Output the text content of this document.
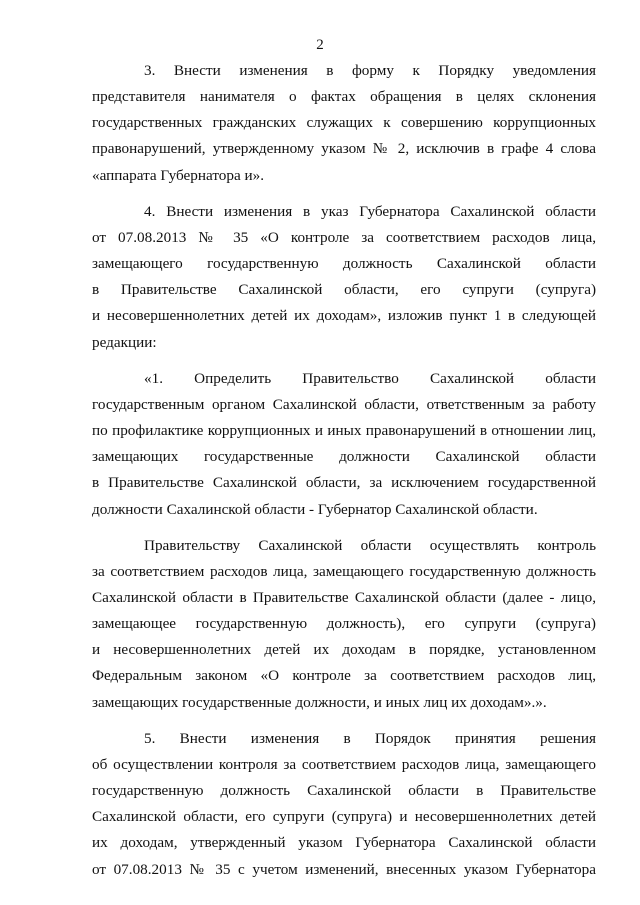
2

3. Внести изменения в форму к Порядку уведомления
представителя нанимателя о фактах обращения в целях склонения
государственных гражданских служащих к совершению коррупционных
правонарушений, утвержденному указом № 2, исключив в графе 4 слова
«аппарата Губернатора и».

4. Внести изменения в указ Губернатора Сахалинской области
от 07.08.2013 № 35 «О контроле за соответствием расходов лица,
замещающего государственную должность Сахалинской области
в Правительстве Сахалинской области, его супруги (супруга)
и несовершеннолетних детей их доходам», изложив пункт 1 в следующей
редакции:

«1. Определить Правительство Сахалинской области
государственным органом Сахалинской области, ответственным за работу
по профилактике коррупционных и иных правонарушений в отношении лиц,
замещающих государственные должности Сахалинской области
в Правительстве Сахалинской области, за исключением государственной
должности Сахалинской области - Губернатор Сахалинской области.

Правительству Сахалинской области осуществлять контроль
за соответствием расходов лица, замещающего государственную должность
Сахалинской области в Правительстве Сахалинской области (далее - лицо,
замещающее государственную должность), его супруги (супруга)
и несовершеннолетних детей их доходам в порядке, установленном
Федеральным законом «О контроле за соответствием расходов лиц,
замещающих государственные должности, и иных лиц их доходам».».

5. Внести изменения в Порядок принятия решения
об осуществлении контроля за соответствием расходов лица, замещающего
государственную должность Сахалинской области в Правительстве
Сахалинской области, его супруги (супруга) и несовершеннолетних детей
их доходам, утвержденный указом Губернатора Сахалинской области
от 07.08.2013 № 35 с учетом изменений, внесенных указом Губернатора
